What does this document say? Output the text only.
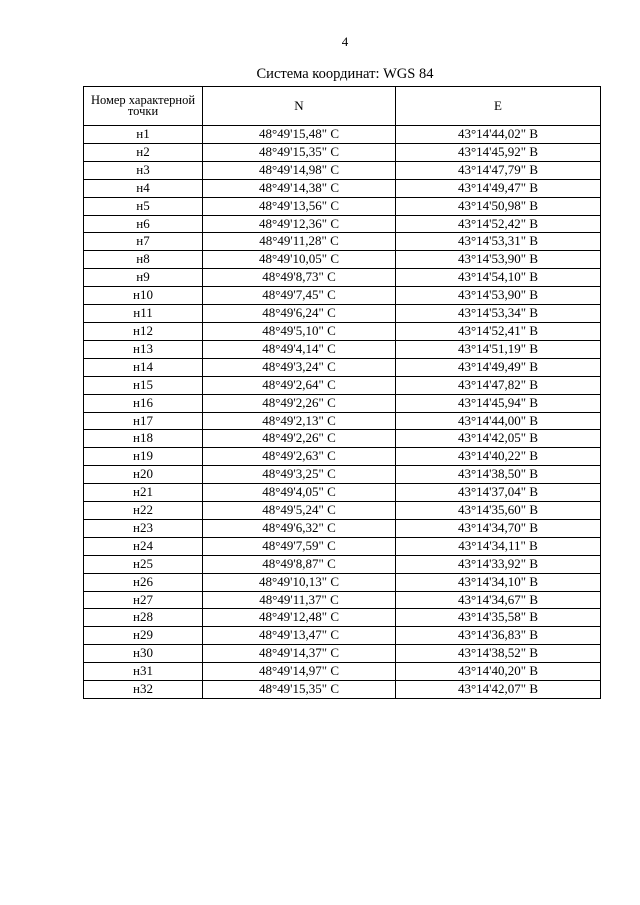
4
Система координат: WGS 84
Номер характерной точки	N	E
н1	48°49'15,48" С	43°14'44,02" В
н2	48°49'15,35" С	43°14'45,92" В
н3	48°49'14,98" С	43°14'47,79" В
н4	48°49'14,38" С	43°14'49,47" В
н5	48°49'13,56" С	43°14'50,98" В
н6	48°49'12,36" С	43°14'52,42" В
н7	48°49'11,28" С	43°14'53,31" В
н8	48°49'10,05" С	43°14'53,90" В
н9	48°49'8,73" С	43°14'54,10" В
н10	48°49'7,45" С	43°14'53,90" В
н11	48°49'6,24" С	43°14'53,34" В
н12	48°49'5,10" С	43°14'52,41" В
н13	48°49'4,14" С	43°14'51,19" В
н14	48°49'3,24" С	43°14'49,49" В
н15	48°49'2,64" С	43°14'47,82" В
н16	48°49'2,26" С	43°14'45,94" В
н17	48°49'2,13" С	43°14'44,00" В
н18	48°49'2,26" С	43°14'42,05" В
н19	48°49'2,63" С	43°14'40,22" В
н20	48°49'3,25" С	43°14'38,50" В
н21	48°49'4,05" С	43°14'37,04" В
н22	48°49'5,24" С	43°14'35,60" В
н23	48°49'6,32" С	43°14'34,70" В
н24	48°49'7,59" С	43°14'34,11" В
н25	48°49'8,87" С	43°14'33,92" В
н26	48°49'10,13" С	43°14'34,10" В
н27	48°49'11,37" С	43°14'34,67" В
н28	48°49'12,48" С	43°14'35,58" В
н29	48°49'13,47" С	43°14'36,83" В
н30	48°49'14,37" С	43°14'38,52" В
н31	48°49'14,97" С	43°14'40,20" В
н32	48°49'15,35" С	43°14'42,07" В
